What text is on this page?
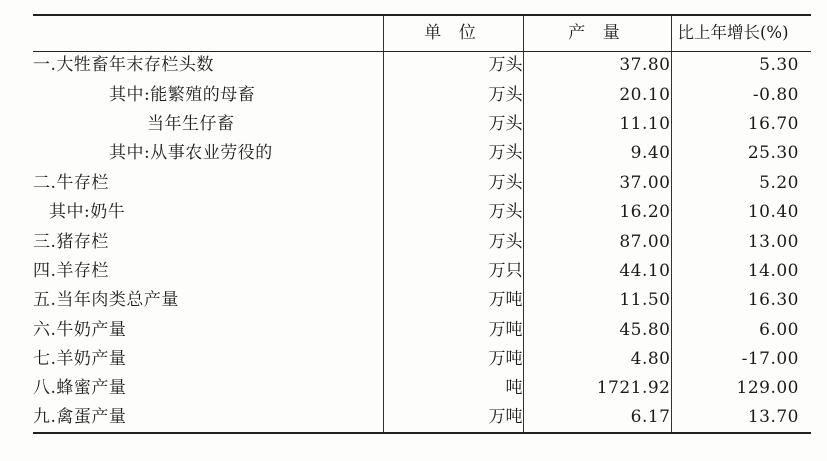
	单 位	产 量	比上年增长(%)
一.大牲畜年末存栏头数	万头	37.80	5.30
其中:能繁殖的母畜	万头	20.10	-0.80
当年生仔畜	万头	11.10	16.70
其中:从事农业劳役的	万头	9.40	25.30
二.牛存栏	万头	37.00	5.20
其中:奶牛	万头	16.20	10.40
三.猪存栏	万头	87.00	13.00
四.羊存栏	万只	44.10	14.00
五.当年肉类总产量	万吨	11.50	16.30
六.牛奶产量	万吨	45.80	6.00
七.羊奶产量	万吨	4.80	-17.00
八.蜂蜜产量	吨	1721.92	129.00
九.禽蛋产量	万吨	6.17	13.70
